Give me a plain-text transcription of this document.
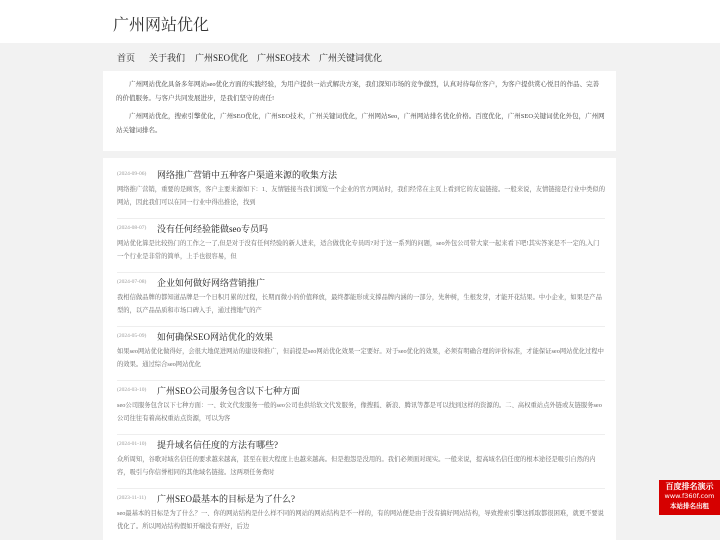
广州网站优化
首页 关于我们 广州SEO优化 广州SEO技术 广州关键词优化

广州网站优化具备多年网站seo优化方面的实践经验，为用户提供一站式解决方案，我们深知市场的竞争激烈，认真对待每位客户，为客户提供赏心悦目的作品、完善的价值服务。与客户共同发展进步，是我们坚守的责任!

广州网站优化，搜索引擎优化，广州SEO优化，广州SEO技术，广州关键词优化，广州网站Seo，广州网站排名优化价格。百度优化，广州SEO关键词优化外包，广州网站关键词排名。

(2024-09-06) 网络推广营销中五种客户渠道来源的收集方法
网络推广营销，重要的是顾客，客户主要来源如下：1、友情链接当我们浏览一个企业的官方网站时，我们经常在主页上看到它的友谊链接。一般来说，友情链接是行业中类似的网站，因此我们可以在同一行业中得出推论，找到
(2024-08-07) 没有任何经验能做seo专员吗
网站优化算是比较热门的工作之一了,但是对于没有任何经验的新人进来，适合做优化专员吗?对于这一系列的问题，seo外包公司带大家一起来看下吧!其实答案是不一定的,入门一个行业是非常的简单，上手也很容易，但
(2024-07-08) 企业如何做好网络营销推广
我相信做品牌的都知道品牌是一个日积月累的过程，长期而微小的价值释放，最终都能形成支撑品牌内涵的一部分，先种树，生根发芽，才能开花结果。中小企业，如果是产品型的，以产品品质和市场口碑入手，通过搜地气的产
(2024-05-09) 如何确保SEO网站优化的效果
如果seo网站优化做得好，会很大地促进网站的建设和推广，但前提是seo网站优化效果一定要好。对于seo优化的效果，必须有明确合理的评价标准，才能保证seo网站优化过程中的效果。通过综合seo网站优化
(2024-03-10) 广州SEO公司服务包含以下七种方面
seo公司服务包含以下七种方面：一、软文代发服务一般的seo公司也供给软文代发服务，像搜狐、新浪、腾讯等都是可以找到这样的资源的。二、高权重站点外链或友链服务seo公司往往有着高权重站点资源，可以为客
(2024-01-10) 提升域名信任度的方法有哪些?
众所周知，谷歌对域名信任的要求越来越高，甚至在很大程度上也越来越高。但是抱怨是没用的。我们必须面对现实。一般来说，提高域名信任度的根本途径是吸引自然的内容，吸引与你信誉相同的其他域名链接。这两项任务费时
(2023-11-11) 广州SEO最基本的目标是为了什么?
seo最基本的目标是为了什么？一、你的网站结构是什么样不同的网站的网站结构是不一样的，有的网站便是由于没有搞好网站结构，导致搜索引擎这抓取都很困难，就更不要说优化了。所以网站结构假如开端没有弄好，后边
百度排名演示
www.f360f.com
本站排名出租
